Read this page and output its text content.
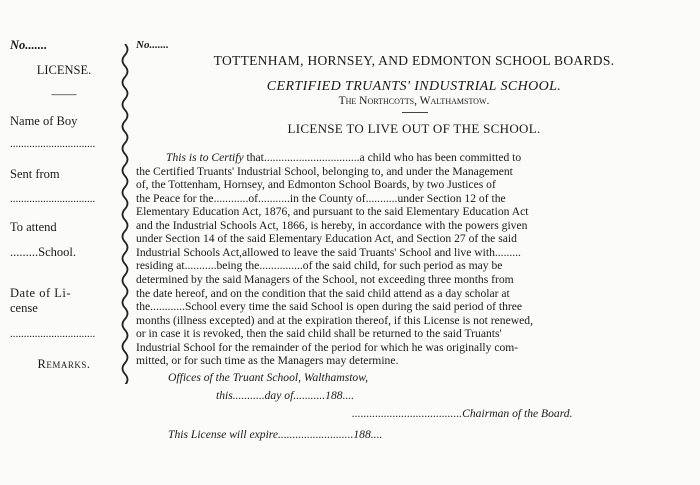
No.......
LICENSE.
——
Name of Boy
...............................
Sent from
...............................
To attend
.........School.
Date of Li-
cense
...............................
Remarks.
No.......
TOTTENHAM, HORNSEY, AND EDMONTON SCHOOL BOARDS.
CERTIFIED TRUANTS' INDUSTRIAL SCHOOL.
The Northcotts, Walthamstow.
LICENSE TO LIVE OUT OF THE SCHOOL.
This is to Certify that.................................a child who has been committed to
the Certified Truants' Industrial School, belonging to, and under the Management
of, the Tottenham, Hornsey, and Edmonton School Boards, by two Justices of
the Peace for the............of...........in the County of...........under Section 12 of the
Elementary Education Act, 1876, and pursuant to the said Elementary Education Act
and the Industrial Schools Act, 1866, is hereby, in accordance with the powers given
under Section 14 of the said Elementary Education Act, and Section 27 of the said
Industrial Schools Act,allowed to leave the said Truants' School and live with.........
residing at...........being the...............of the said child, for such period as may be
determined by the said Managers of the School, not exceeding three months from
the date hereof, and on the condition that the said child attend as a day scholar at
the............School every time the said School is open during the said period of three
months (illness excepted) and at the expiration thereof, if this License is not renewed,
or in case it is revoked, then the said child shall be returned to the said Truants'
Industrial School for the remainder of the period for which he was originally com-
mitted, or for such time as the Managers may determine.
Offices of the Truant School, Walthamstow,
this...........day of...........188....
......................................Chairman of the Board.
This License will expire..........................188....
